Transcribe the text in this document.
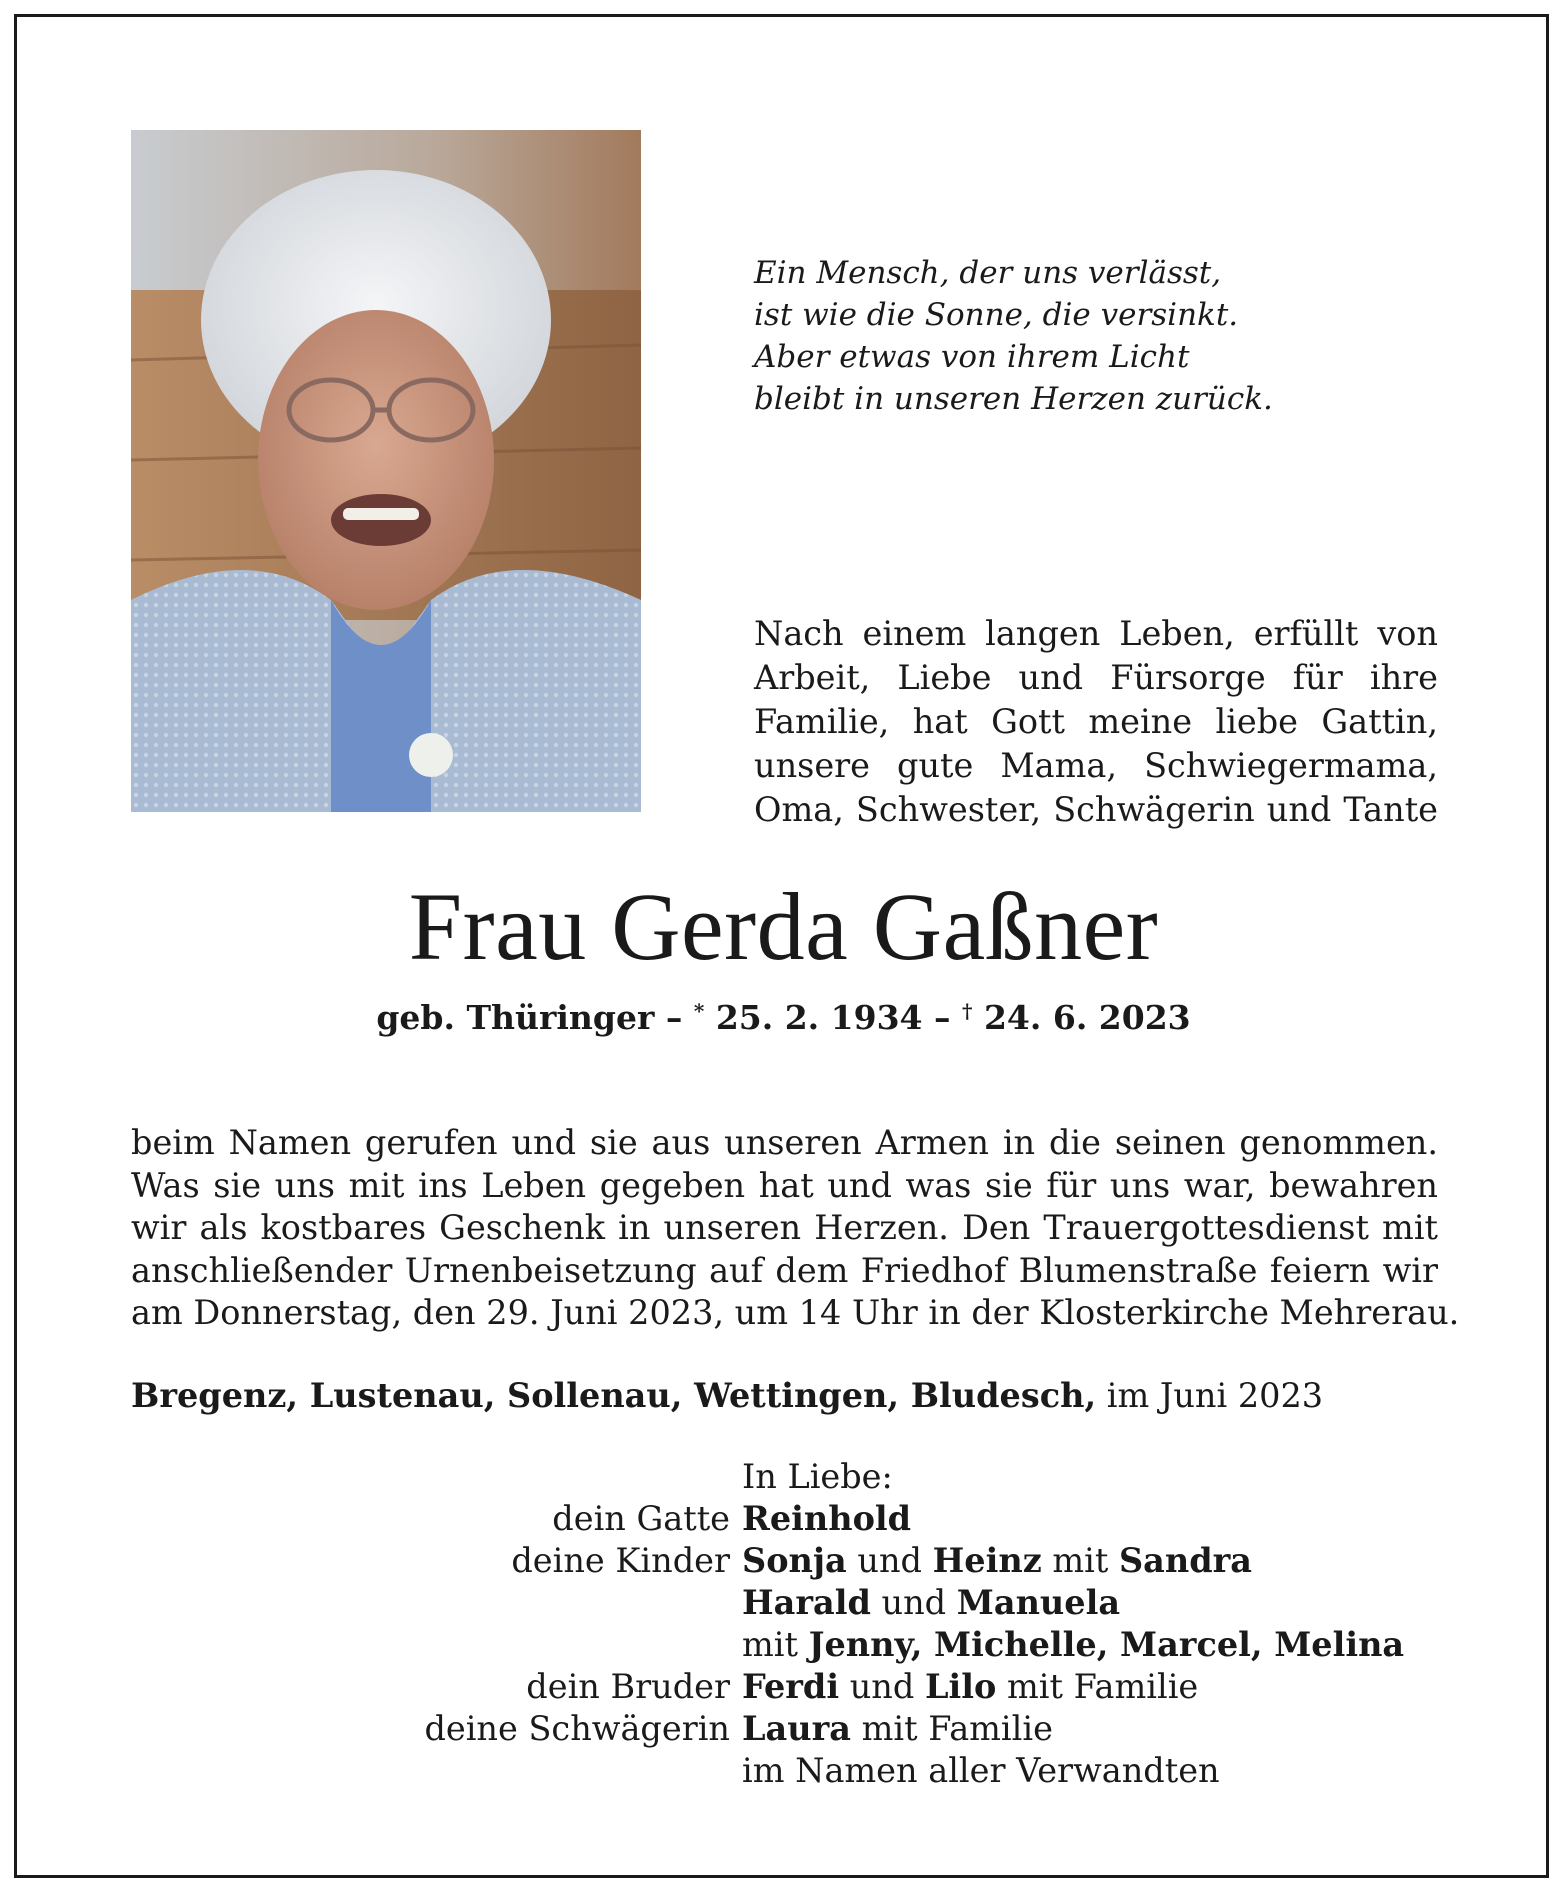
Ein Mensch, der uns verlässt,
ist wie die Sonne, die versinkt.
Aber etwas von ihrem Licht
bleibt in unseren Herzen zurück.
Nach einem langen Leben, erfüllt von
Arbeit, Liebe und Fürsorge für ihre
Familie, hat Gott meine liebe Gattin,
unsere gute Mama, Schwiegermama,
Oma, Schwester, Schwägerin und Tante
Frau Gerda Gaßner
geb. Thüringer – * 25. 2. 1934 – † 24. 6. 2023
beim Namen gerufen und sie aus unseren Armen in die seinen genommen.
Was sie uns mit ins Leben gegeben hat und was sie für uns war, bewahren
wir als kostbares Geschenk in unseren Herzen. Den Trauergottesdienst mit
anschließender Urnenbeisetzung auf dem Friedhof Blumenstraße feiern wir
am Donnerstag, den 29. Juni 2023, um 14 Uhr in der Klosterkirche Mehrerau.
Bregenz, Lustenau, Sollenau, Wettingen, Bludesch, im Juni 2023
In Liebe:
dein Gatte Reinhold
deine Kinder Sonja und Heinz mit Sandra
Harald und Manuela
mit Jenny, Michelle, Marcel, Melina
dein Bruder Ferdi und Lilo mit Familie
deine Schwägerin Laura mit Familie
im Namen aller Verwandten
